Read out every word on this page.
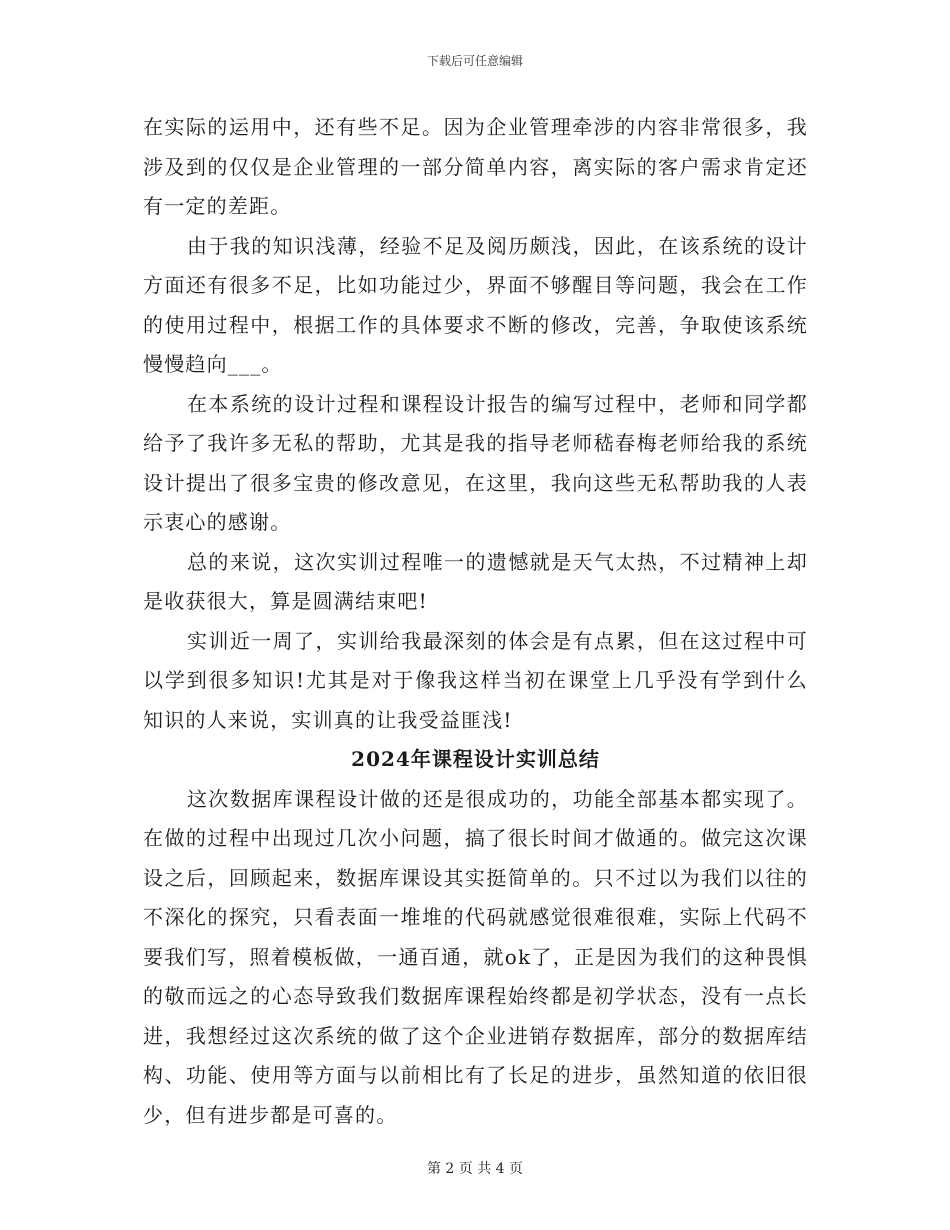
下载后可任意编辑

在实际的运用中，还有些不足。因为企业管理牵涉的内容非常很多，我涉及到的仅仅是企业管理的一部分简单内容，离实际的客户需求肯定还有一定的差距。

由于我的知识浅薄，经验不足及阅历颇浅，因此，在该系统的设计方面还有很多不足，比如功能过少，界面不够醒目等问题，我会在工作的使用过程中，根据工作的具体要求不断的修改，完善，争取使该系统慢慢趋向___。

在本系统的设计过程和课程设计报告的编写过程中，老师和同学都给予了我许多无私的帮助，尤其是我的指导老师嵇春梅老师给我的系统设计提出了很多宝贵的修改意见，在这里，我向这些无私帮助我的人表示衷心的感谢。

总的来说，这次实训过程唯一的遗憾就是天气太热，不过精神上却是收获很大，算是圆满结束吧!

实训近一周了，实训给我最深刻的体会是有点累，但在这过程中可以学到很多知识!尤其是对于像我这样当初在课堂上几乎没有学到什么知识的人来说，实训真的让我受益匪浅!

2024年课程设计实训总结

这次数据库课程设计做的还是很成功的，功能全部基本都实现了。在做的过程中出现过几次小问题，搞了很长时间才做通的。做完这次课设之后，回顾起来，数据库课设其实挺简单的。只不过以为我们以往的不深化的探究，只看表面一堆堆的代码就感觉很难很难，实际上代码不要我们写，照着模板做，一通百通，就ok了，正是因为我们的这种畏惧的敬而远之的心态导致我们数据库课程始终都是初学状态，没有一点长进，我想经过这次系统的做了这个企业进销存数据库，部分的数据库结构、功能、使用等方面与以前相比有了长足的进步，虽然知道的依旧很少，但有进步都是可喜的。

第 2 页 共 4 页
